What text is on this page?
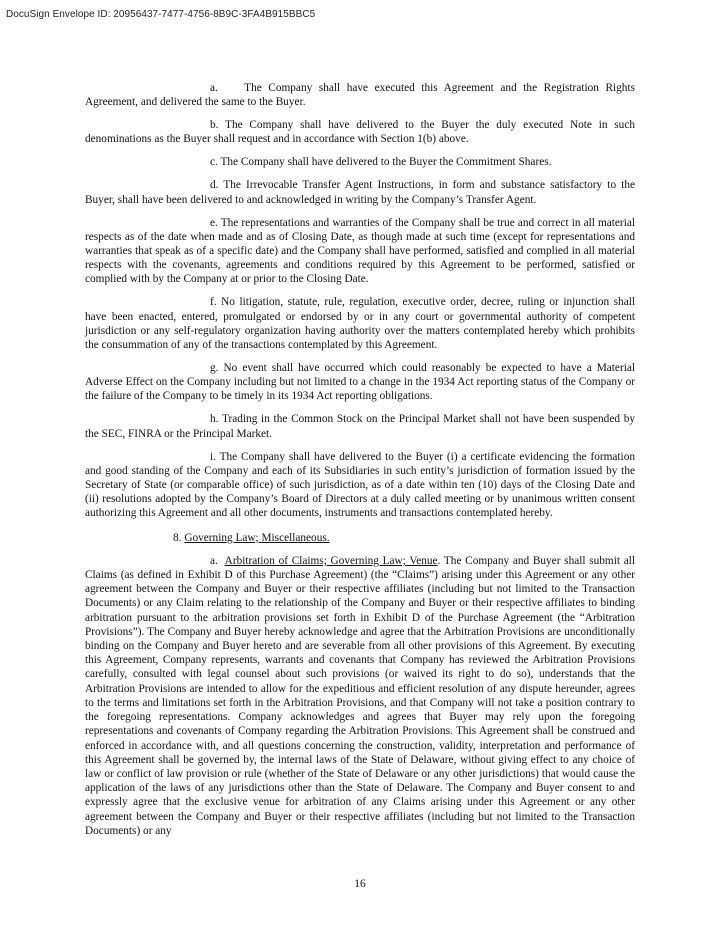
DocuSign Envelope ID: 20956437-7477-4756-8B9C-3FA4B915BBC5

a.    The Company shall have executed this Agreement and the Registration Rights Agreement, and delivered the same to the Buyer.

b. The Company shall have delivered to the Buyer the duly executed Note in such denominations as the Buyer shall request and in accordance with Section 1(b) above.

c. The Company shall have delivered to the Buyer the Commitment Shares.

d. The Irrevocable Transfer Agent Instructions, in form and substance satisfactory to the Buyer, shall have been delivered to and acknowledged in writing by the Company’s Transfer Agent.

e. The representations and warranties of the Company shall be true and correct in all material respects as of the date when made and as of Closing Date, as though made at such time (except for representations and warranties that speak as of a specific date) and the Company shall have performed, satisfied and complied in all material respects with the covenants, agreements and conditions required by this Agreement to be performed, satisfied or complied with by the Company at or prior to the Closing Date.

f. No litigation, statute, rule, regulation, executive order, decree, ruling or injunction shall have been enacted, entered, promulgated or endorsed by or in any court or governmental authority of competent jurisdiction or any self-regulatory organization having authority over the matters contemplated hereby which prohibits the consummation of any of the transactions contemplated by this Agreement.

g. No event shall have occurred which could reasonably be expected to have a Material Adverse Effect on the Company including but not limited to a change in the 1934 Act reporting status of the Company or the failure of the Company to be timely in its 1934 Act reporting obligations.

h. Trading in the Common Stock on the Principal Market shall not have been suspended by the SEC, FINRA or the Principal Market.

i. The Company shall have delivered to the Buyer (i) a certificate evidencing the formation and good standing of the Company and each of its Subsidiaries in such entity’s jurisdiction of formation issued by the Secretary of State (or comparable office) of such jurisdiction, as of a date within ten (10) days of the Closing Date and (ii) resolutions adopted by the Company’s Board of Directors at a duly called meeting or by unanimous written consent authorizing this Agreement and all other documents, instruments and transactions contemplated hereby.

8. Governing Law; Miscellaneous.

a. Arbitration of Claims; Governing Law; Venue. The Company and Buyer shall submit all Claims (as defined in Exhibit D of this Purchase Agreement) (the “Claims”) arising under this Agreement or any other agreement between the Company and Buyer or their respective affiliates (including but not limited to the Transaction Documents) or any Claim relating to the relationship of the Company and Buyer or their respective affiliates to binding arbitration pursuant to the arbitration provisions set forth in Exhibit D of the Purchase Agreement (the “Arbitration Provisions”). The Company and Buyer hereby acknowledge and agree that the Arbitration Provisions are unconditionally binding on the Company and Buyer hereto and are severable from all other provisions of this Agreement. By executing this Agreement, Company represents, warrants and covenants that Company has reviewed the Arbitration Provisions carefully, consulted with legal counsel about such provisions (or waived its right to do so), understands that the Arbitration Provisions are intended to allow for the expeditious and efficient resolution of any dispute hereunder, agrees to the terms and limitations set forth in the Arbitration Provisions, and that Company will not take a position contrary to the foregoing representations. Company acknowledges and agrees that Buyer may rely upon the foregoing representations and covenants of Company regarding the Arbitration Provisions. This Agreement shall be construed and enforced in accordance with, and all questions concerning the construction, validity, interpretation and performance of this Agreement shall be governed by, the internal laws of the State of Delaware, without giving effect to any choice of law or conflict of law provision or rule (whether of the State of Delaware or any other jurisdictions) that would cause the application of the laws of any jurisdictions other than the State of Delaware. The Company and Buyer consent to and expressly agree that the exclusive venue for arbitration of any Claims arising under this Agreement or any other agreement between the Company and Buyer or their respective affiliates (including but not limited to the Transaction Documents) or any

16
